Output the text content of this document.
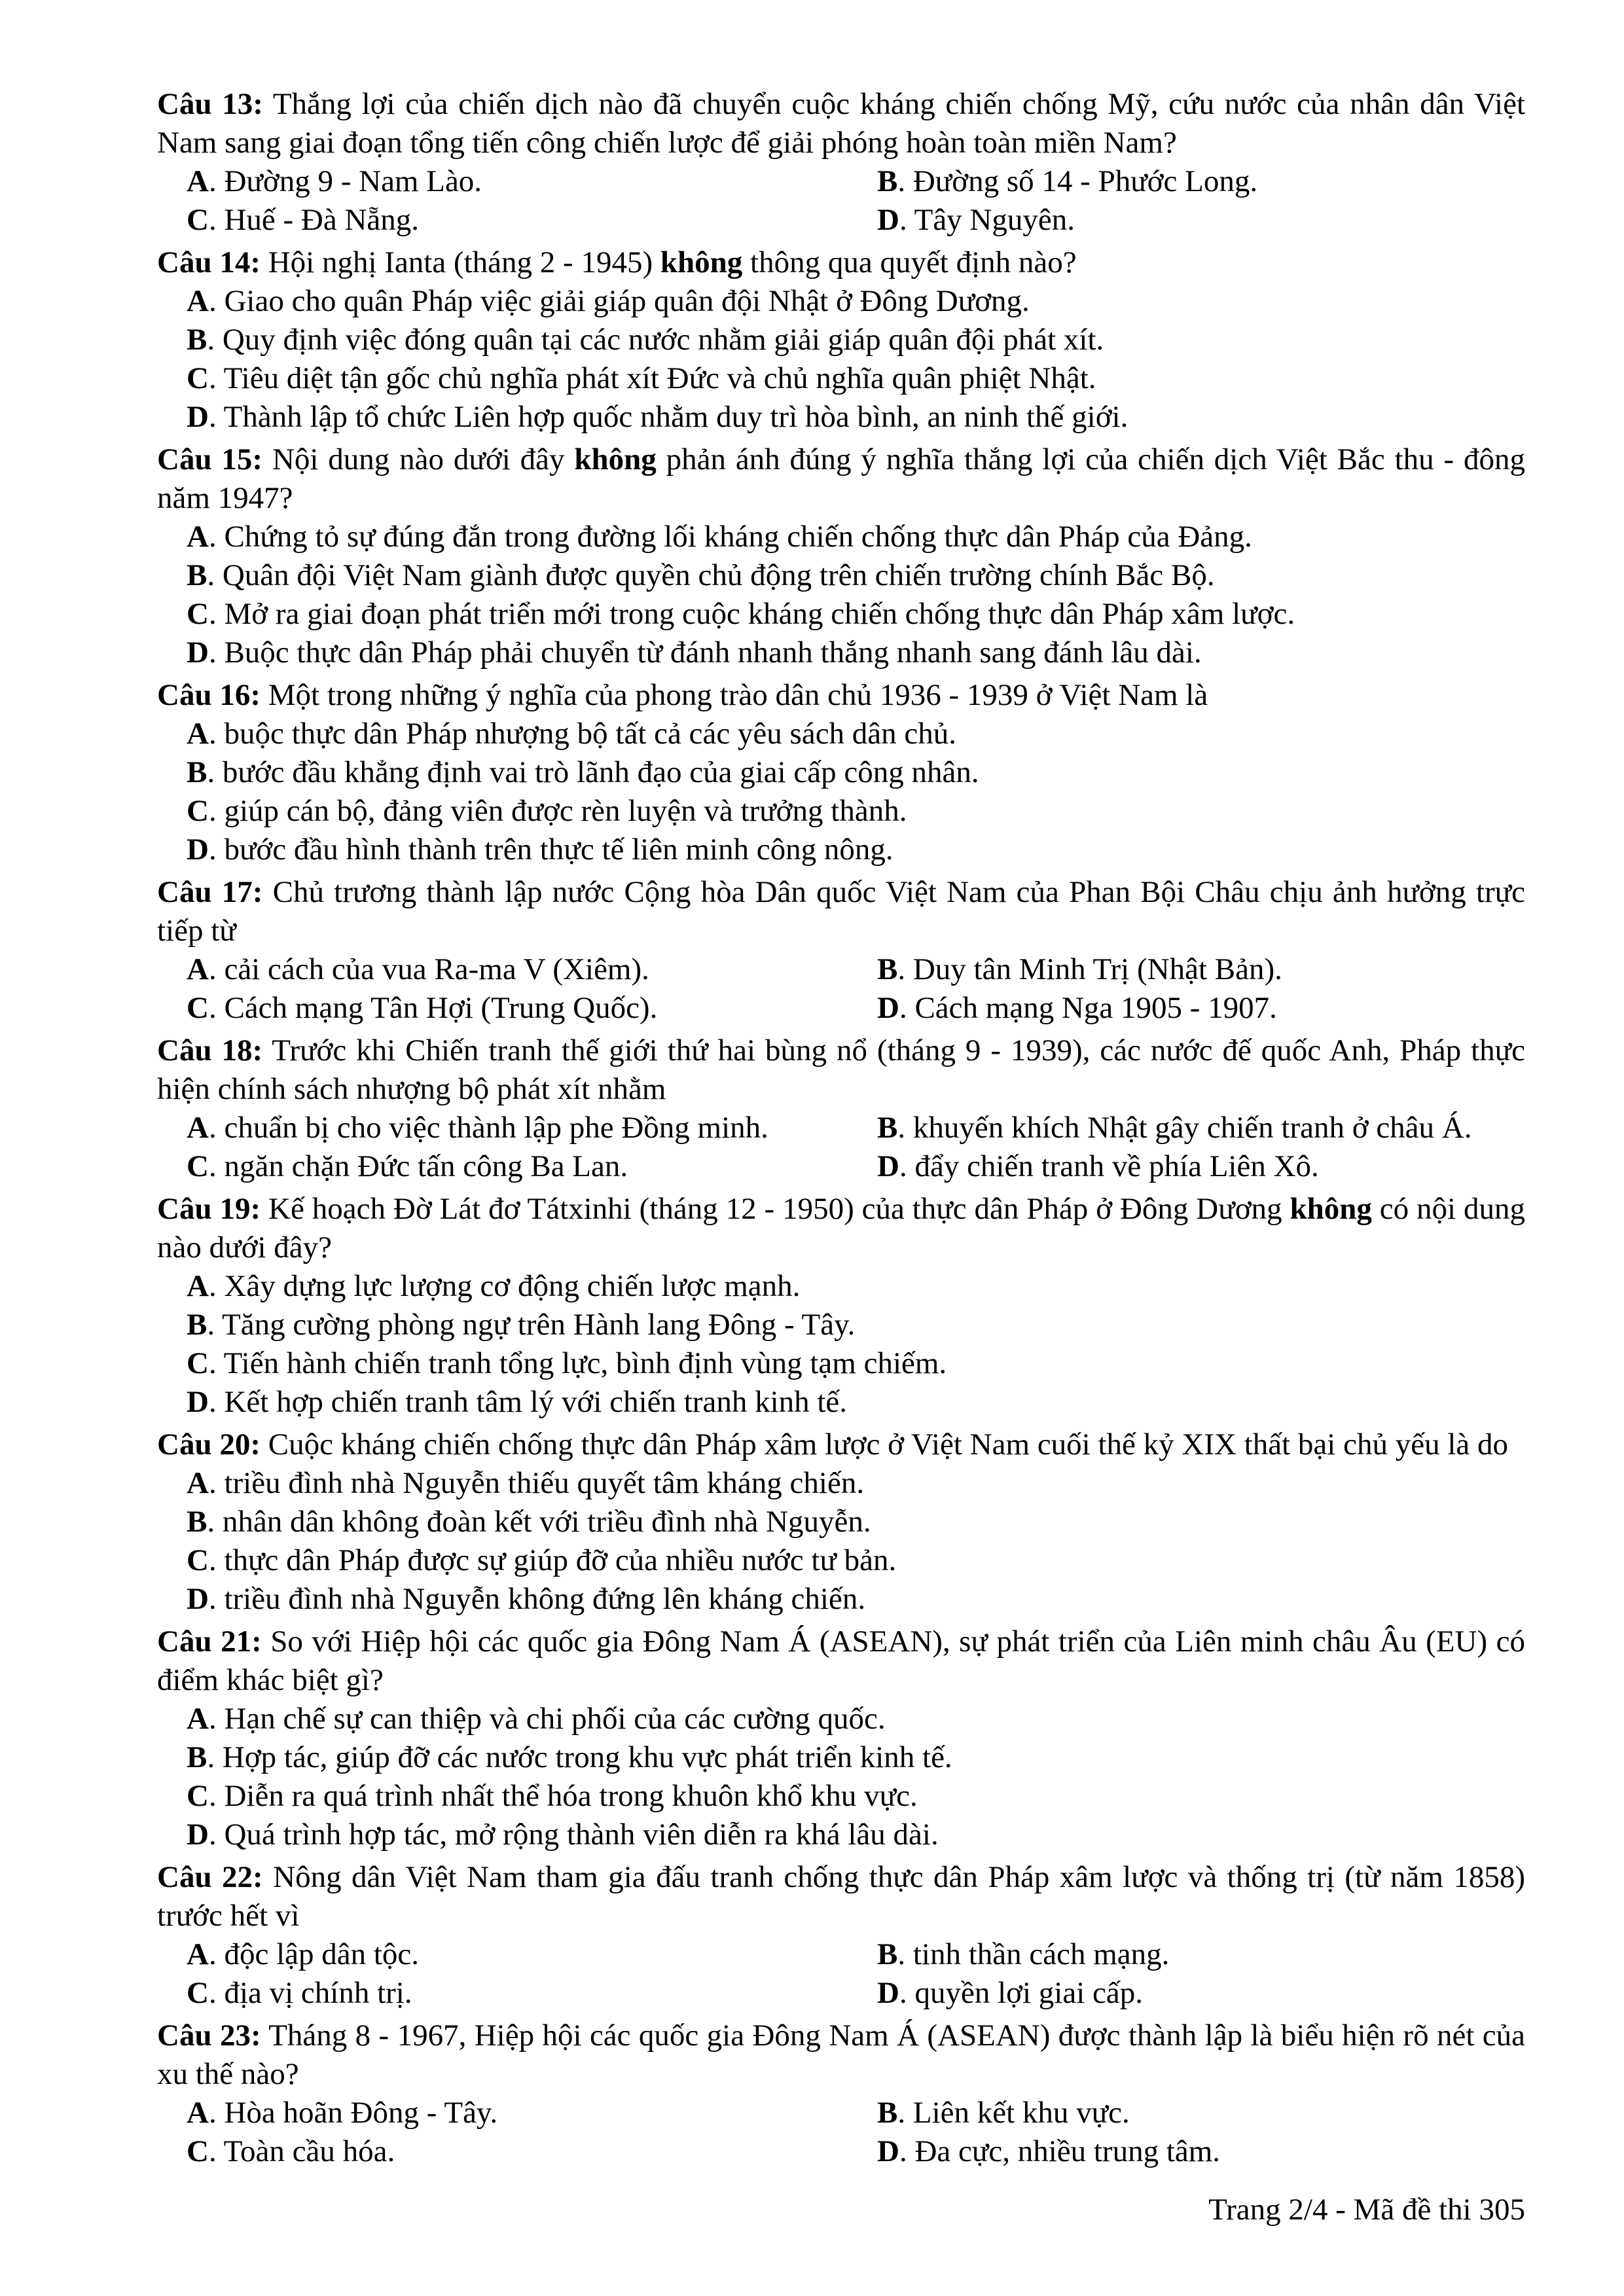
Câu 13: Thắng lợi của chiến dịch nào đã chuyển cuộc kháng chiến chống Mỹ, cứu nước của nhân dân Việt Nam sang giai đoạn tổng tiến công chiến lược để giải phóng hoàn toàn miền Nam?

A. Đường 9 - Nam Lào.	B. Đường số 14 - Phước Long.
C. Huế - Đà Nẵng.	D. Tây Nguyên.

Câu 14: Hội nghị Ianta (tháng 2 - 1945) không thông qua quyết định nào?

A. Giao cho quân Pháp việc giải giáp quân đội Nhật ở Đông Dương.
B. Quy định việc đóng quân tại các nước nhằm giải giáp quân đội phát xít.
C. Tiêu diệt tận gốc chủ nghĩa phát xít Đức và chủ nghĩa quân phiệt Nhật.
D. Thành lập tổ chức Liên hợp quốc nhằm duy trì hòa bình, an ninh thế giới.

Câu 15: Nội dung nào dưới đây không phản ánh đúng ý nghĩa thắng lợi của chiến dịch Việt Bắc thu - đông năm 1947?

A. Chứng tỏ sự đúng đắn trong đường lối kháng chiến chống thực dân Pháp của Đảng.
B. Quân đội Việt Nam giành được quyền chủ động trên chiến trường chính Bắc Bộ.
C. Mở ra giai đoạn phát triển mới trong cuộc kháng chiến chống thực dân Pháp xâm lược.
D. Buộc thực dân Pháp phải chuyển từ đánh nhanh thắng nhanh sang đánh lâu dài.

Câu 16: Một trong những ý nghĩa của phong trào dân chủ 1936 - 1939 ở Việt Nam là

A. buộc thực dân Pháp nhượng bộ tất cả các yêu sách dân chủ.
B. bước đầu khẳng định vai trò lãnh đạo của giai cấp công nhân.
C. giúp cán bộ, đảng viên được rèn luyện và trưởng thành.
D. bước đầu hình thành trên thực tế liên minh công nông.

Câu 17: Chủ trương thành lập nước Cộng hòa Dân quốc Việt Nam của Phan Bội Châu chịu ảnh hưởng trực tiếp từ

A. cải cách của vua Ra-ma V (Xiêm).	B. Duy tân Minh Trị (Nhật Bản).
C. Cách mạng Tân Hợi (Trung Quốc).	D. Cách mạng Nga 1905 - 1907.

Câu 18: Trước khi Chiến tranh thế giới thứ hai bùng nổ (tháng 9 - 1939), các nước đế quốc Anh, Pháp thực hiện chính sách nhượng bộ phát xít nhằm

A. chuẩn bị cho việc thành lập phe Đồng minh.	B. khuyến khích Nhật gây chiến tranh ở châu Á.
C. ngăn chặn Đức tấn công Ba Lan.	D. đẩy chiến tranh về phía Liên Xô.

Câu 19: Kế hoạch Đờ Lát đơ Tátxinhi (tháng 12 - 1950) của thực dân Pháp ở Đông Dương không có nội dung nào dưới đây?

A. Xây dựng lực lượng cơ động chiến lược mạnh.
B. Tăng cường phòng ngự trên Hành lang Đông - Tây.
C. Tiến hành chiến tranh tổng lực, bình định vùng tạm chiếm.
D. Kết hợp chiến tranh tâm lý với chiến tranh kinh tế.

Câu 20: Cuộc kháng chiến chống thực dân Pháp xâm lược ở Việt Nam cuối thế kỷ XIX thất bại chủ yếu là do

A. triều đình nhà Nguyễn thiếu quyết tâm kháng chiến.
B. nhân dân không đoàn kết với triều đình nhà Nguyễn.
C. thực dân Pháp được sự giúp đỡ của nhiều nước tư bản.
D. triều đình nhà Nguyễn không đứng lên kháng chiến.

Câu 21: So với Hiệp hội các quốc gia Đông Nam Á (ASEAN), sự phát triển của Liên minh châu Âu (EU) có điểm khác biệt gì?

A. Hạn chế sự can thiệp và chi phối của các cường quốc.
B. Hợp tác, giúp đỡ các nước trong khu vực phát triển kinh tế.
C. Diễn ra quá trình nhất thể hóa trong khuôn khổ khu vực.
D. Quá trình hợp tác, mở rộng thành viên diễn ra khá lâu dài.

Câu 22: Nông dân Việt Nam tham gia đấu tranh chống thực dân Pháp xâm lược và thống trị (từ năm 1858) trước hết vì

A. độc lập dân tộc.	B. tinh thần cách mạng.
C. địa vị chính trị.	D. quyền lợi giai cấp.

Câu 23: Tháng 8 - 1967, Hiệp hội các quốc gia Đông Nam Á (ASEAN) được thành lập là biểu hiện rõ nét của xu thế nào?

A. Hòa hoãn Đông - Tây.	B. Liên kết khu vực.
C. Toàn cầu hóa.	D. Đa cực, nhiều trung tâm.
Trang 2/4 - Mã đề thi 305
